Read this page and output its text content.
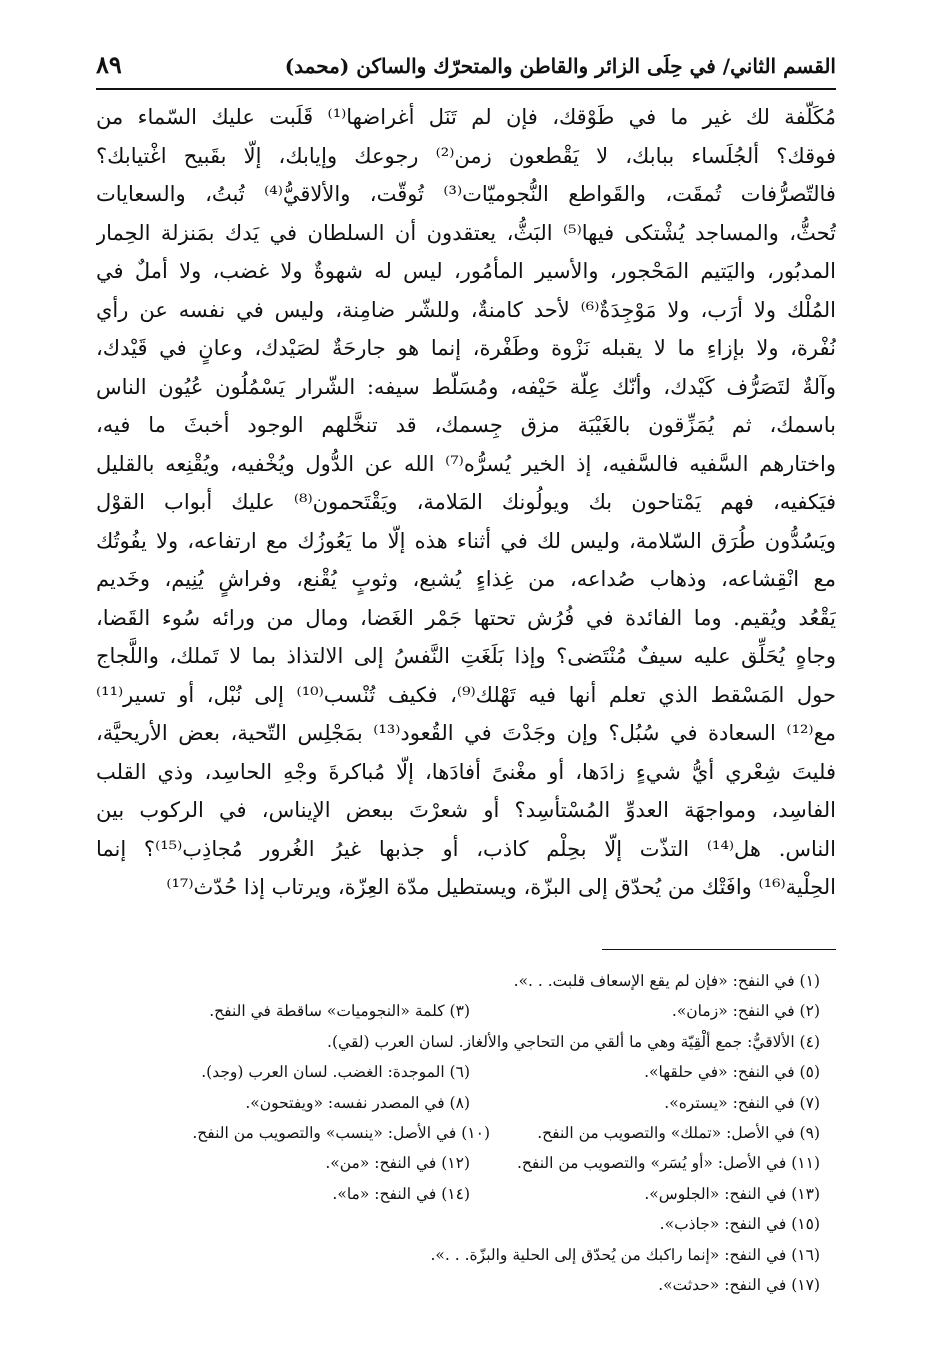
القسم الثاني/ في حِلَى الزائر والقاطن والمتحرّك والساكن (محمد)
٨٩
مُكَلّفة لك غير ما في طَوْقك، فإن لم تَنَل أغراضها⁽¹⁾ قَلَبت عليك السّماء من
فوقك؟ ألجُلَساء ببابك، لا يَقْطعون زمن⁽²⁾ رجوعك وإيابك، إلّا بقَبيح اغْتيابك؟
فالتّصرُّفات تُمقَت، والقَواطع النُّجوميّات⁽³⁾ تُوقّت، والألاقيُّ⁽⁴⁾ تُبتُ، والسعايات
تُحثُّ، والمساجد يُشْتكى فيها⁽⁵⁾ البَثُّ، يعتقدون أن السلطان في يَدك بمَنزلة الحِمار
المدبُور، واليَتيم المَحْجور، والأسير المأمُور، ليس له شهوةٌ ولا غضب، ولا أملٌ في
المُلْك ولا أرَب، ولا مَوْجِدَةٌ⁽⁶⁾ لأحد كامنةٌ، وللشّر ضامِنة، وليس في نفسه عن رأي
نُفْرة، ولا بإزاءِ ما لا يقبله نَزْوة وطَفْرة، إنما هو جارحَةٌ لصَيْدك، وعانٍ في قَيْدك،
وآلةٌ لتَصَرُّف كَيْدك، وأنّك عِلّة حَيْفه، ومُسَلّط سيفه: الشّرار يَسْمُلُون عُيُون الناس
باسمك، ثم يُمَزِّقون بالغَيْبَة مزق جِسمك، قد تنخَّلهم الوجود أخبثَ ما فيه،
واختارهم السَّفيه فالسَّفيه، إذ الخير يُسرُّه⁽⁷⁾ الله عن الدُّول ويُخْفيه، ويُقْنِعه بالقليل
فيَكفيه، فهم يَمْتاحون بك ويولُونك المَلامة، ويَقْتَحمون⁽⁸⁾ عليك أبواب القوْل
ويَسُدُّون طُرَق السّلامة، وليس لك في أثناء هذه إلّا ما يَعُوزُك مع ارتفاعه، ولا يفُوتُك
مع انْقِشاعه، وذهاب صُداعه، من غِذاءٍ يُشبع، وثوبٍ يُقْنع، وفراشٍ يُنِيم، وخَديم
يَقْعُد ويُقيم. وما الفائدة في فُرُش تحتها جَمْر الغَضا، ومال من ورائه سُوء القَضا،
وجاهٍ يُحَلِّق عليه سيفٌ مُنْتَضى؟ وإذا بَلَغَتِ النَّفسُ إلى الالتذاذ بما لا تَملك، واللَّجاج
حول المَسْقط الذي تعلم أنها فيه تَهْلك⁽⁹⁾، فكيف تُنْسب⁽¹⁰⁾ إلى نُبْل، أو تسير⁽¹¹⁾
مع⁽¹²⁾ السعادة في سُبُل؟ وإن وجَدْتَ في القُعود⁽¹³⁾ بمَجْلِس التّحية، بعض الأريحيَّة،
فليتَ شِعْري أيُّ شيءٍ زادَها، أو مغْنىً أفادَها، إلّا مُباكرةَ وجْهِ الحاسِد، وذي القلب
الفاسِد، ومواجهَة العدوِّ المُسْتأسِد؟ أو شعرْتَ ببعض الإيناس، في الركوب بين
الناس. هل⁽¹⁴⁾ التذّت إلّا بحِلْم كاذب، أو جذبها غيرُ الغُرور مُجاذِب⁽¹⁵⁾؟ إنما
الحِلْية⁽¹⁶⁾ وافَتْك من يُحدّق إلى البزّة، ويستطيل مدّة العِزّة، ويرتاب إذا حُدّث⁽¹⁷⁾
(١) في النفح: «فإن لم يقع الإسعاف قلبت. . .».
(٢) في النفح: «زمان».
(٣) كلمة «النجوميات» ساقطة في النفح.
(٤) الألاقيُّ: جمع ألْقِيّة وهي ما ألقي من التحاجي والألغاز. لسان العرب (لقي).
(٥) في النفح: «في حلقها».
(٦) الموجدة: الغضب. لسان العرب (وجد).
(٧) في النفح: «يستره».
(٨) في المصدر نفسه: «ويفتحون».
(٩) في الأصل: «تملك» والتصويب من النفح.
(١٠) في الأصل: «ينسب» والتصويب من النفح.
(١١) في الأصل: «أو يُسَر» والتصويب من النفح.
(١٢) في النفح: «من».
(١٣) في النفح: «الجلوس».
(١٤) في النفح: «ما».
(١٥) في النفح: «جاذب».
(١٦) في النفح: «إنما راكبك من يُحدّق إلى الحلية والبزّة. . .».
(١٧) في النفح: «حدثت».
